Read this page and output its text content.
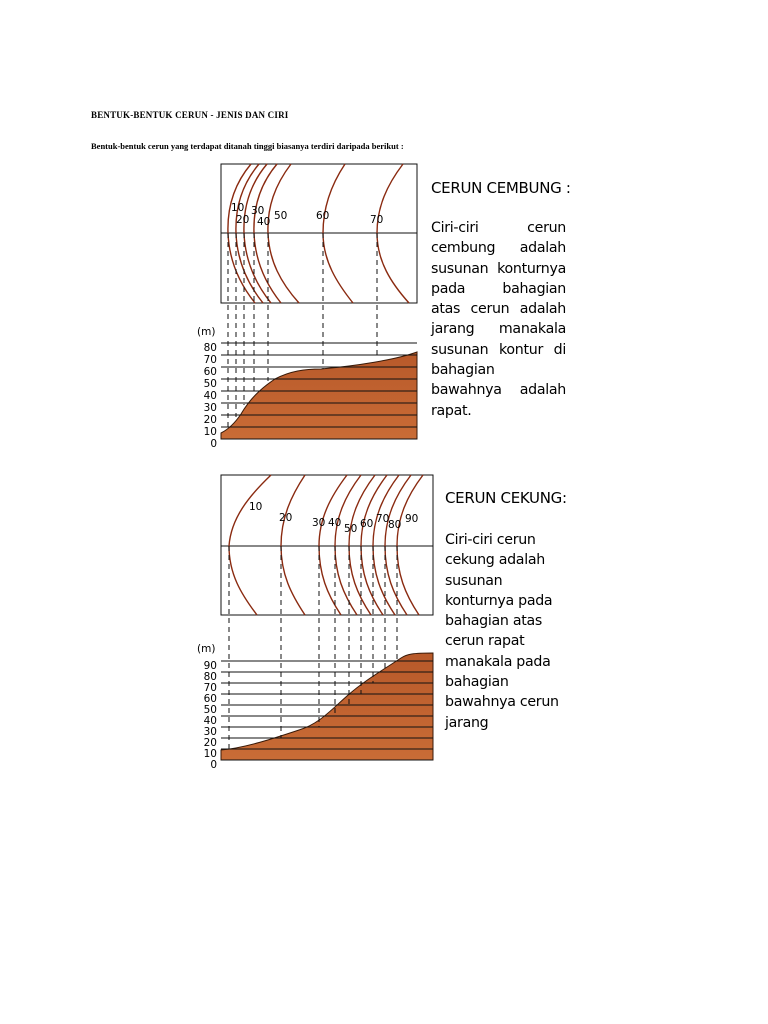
BENTUK-BENTUK CERUN - JENIS DAN CIRI
Bentuk-bentuk cerun yang terdapat ditanah tinggi biasanya terdiri daripada berikut :
10
20
30
40 50	60	70
(m)
0
10
20
30
40
50
60
70
80
CERUN CEMBUNG :
Ciri-ciri cerun cembung adalah susunan konturnya pada bahagian atas cerun adalah jarang manakala susunan kontur di bahagian bawahnya adalah rapat.
10
20 30 40 50 60 70
80 90
(m)
0
10
20
30
40
50
60
70
80
90
CERUN CEKUNG:
Ciri-ciri cerun cekung adalah susunan konturnya pada bahagian atas cerun rapat manakala pada bahagian bawahnya cerun jarang
